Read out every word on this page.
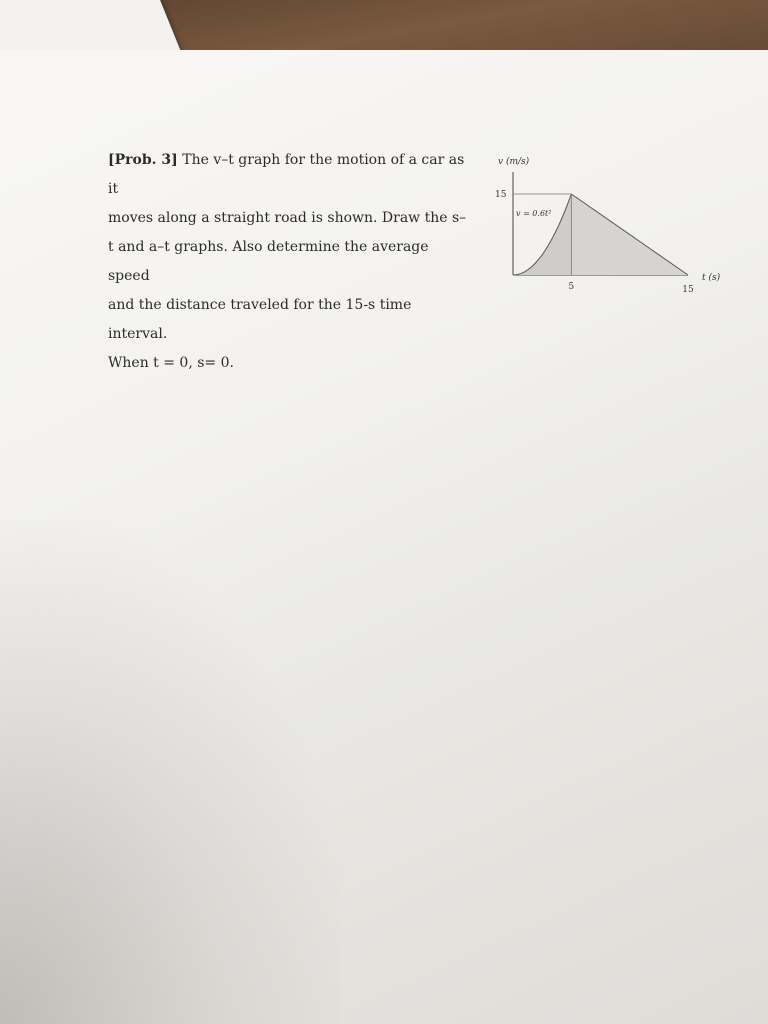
[Prob. 3] The v–t graph for the motion of a car as it

moves along a straight road is shown. Draw the s–

t and a–t graphs. Also determine the average speed

and the distance traveled for the 15-s time interval.

When t = 0, s= 0.

v (m/s)
t (s)
15
5	15
v = 0.6t²
